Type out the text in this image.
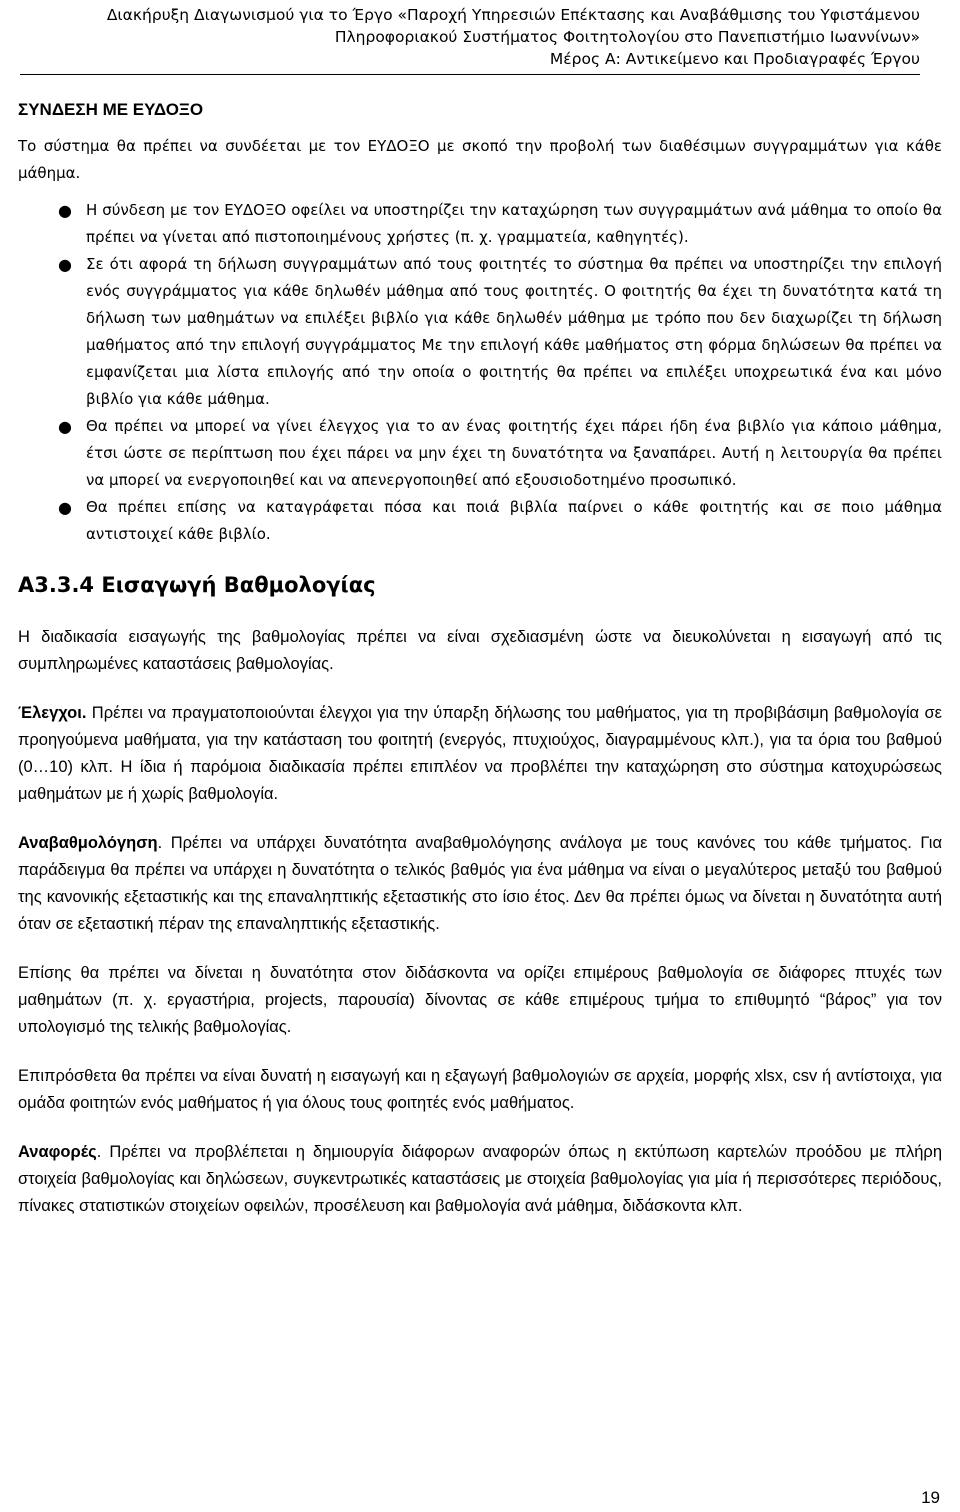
Διακήρυξη Διαγωνισμού για το Έργο «Παροχή Υπηρεσιών Επέκτασης και Αναβάθμισης του Υφιστάμενου
Πληροφοριακού Συστήματος Φοιτητολογίου στο Πανεπιστήμιο Ιωαννίνων»
Μέρος Α: Αντικείμενο και Προδιαγραφές Έργου

ΣΥΝΔΕΣΗ ΜΕ ΕΥΔΟΞΟ

Το σύστημα θα πρέπει να συνδέεται με τον ΕΥΔΟΞΟ με σκοπό την προβολή των διαθέσιμων συγγραμμάτων για κάθε μάθημα.

● Η σύνδεση με τον ΕΥΔΟΞΟ οφείλει να υποστηρίζει την καταχώρηση των συγγραμμάτων ανά μάθημα το οποίο θα πρέπει να γίνεται από πιστοποιημένους χρήστες (π. χ. γραμματεία, καθηγητές).
● Σε ότι αφορά τη δήλωση συγγραμμάτων από τους φοιτητές το σύστημα θα πρέπει να υποστηρίζει την επιλογή ενός συγγράμματος για κάθε δηλωθέν μάθημα από τους φοιτητές. Ο φοιτητής θα έχει τη δυνατότητα κατά τη δήλωση των μαθημάτων να επιλέξει βιβλίο για κάθε δηλωθέν μάθημα με τρόπο που δεν διαχωρίζει τη δήλωση μαθήματος από την επιλογή συγγράμματος Με την επιλογή κάθε μαθήματος στη φόρμα δηλώσεων θα πρέπει να εμφανίζεται μια λίστα επιλογής από την οποία ο φοιτητής θα πρέπει να επιλέξει υποχρεωτικά ένα και μόνο βιβλίο για κάθε μάθημα.
● Θα πρέπει να μπορεί να γίνει έλεγχος για το αν ένας φοιτητής έχει πάρει ήδη ένα βιβλίο για κάποιο μάθημα, έτσι ώστε σε περίπτωση που έχει πάρει να μην έχει τη δυνατότητα να ξαναπάρει. Αυτή η λειτουργία θα πρέπει να μπορεί να ενεργοποιηθεί και να απενεργοποιηθεί από εξουσιοδοτημένο προσωπικό.
● Θα πρέπει επίσης να καταγράφεται πόσα και ποιά βιβλία παίρνει ο κάθε φοιτητής και σε ποιο μάθημα αντιστοιχεί κάθε βιβλίο.

Α3.3.4 Εισαγωγή Βαθμολογίας

Η διαδικασία εισαγωγής της βαθμολογίας πρέπει να είναι σχεδιασμένη ώστε να διευκολύνεται η εισαγωγή από τις συμπληρωμένες καταστάσεις βαθμολογίας.

Έλεγχοι. Πρέπει να πραγματοποιούνται έλεγχοι για την ύπαρξη δήλωσης του μαθήματος, για τη προβιβάσιμη βαθμολογία σε προηγούμενα μαθήματα, για την κατάσταση του φοιτητή (ενεργός, πτυχιούχος, διαγραμμένους κλπ.), για τα όρια του βαθμού (0…10) κλπ. Η ίδια ή παρόμοια διαδικασία πρέπει επιπλέον να προβλέπει την καταχώρηση στο σύστημα κατοχυρώσεως μαθημάτων με ή χωρίς βαθμολογία.

Αναβαθμολόγηση. Πρέπει να υπάρχει δυνατότητα αναβαθμολόγησης ανάλογα με τους κανόνες του κάθε τμήματος. Για παράδειγμα θα πρέπει να υπάρχει η δυνατότητα ο τελικός βαθμός για ένα μάθημα να είναι ο μεγαλύτερος μεταξύ του βαθμού της κανονικής εξεταστικής και της επαναληπτικής εξεταστικής στο ίσιο έτος. Δεν θα πρέπει όμως να δίνεται η δυνατότητα αυτή όταν σε εξεταστική πέραν της επαναληπτικής εξεταστικής.

Επίσης θα πρέπει να δίνεται η δυνατότητα στον διδάσκοντα να ορίζει επιμέρους βαθμολογία σε διάφορες πτυχές των μαθημάτων (π. χ. εργαστήρια, projects, παρουσία) δίνοντας σε κάθε επιμέρους τμήμα το επιθυμητό “βάρος” για τον υπολογισμό της τελικής βαθμολογίας.

Επιπρόσθετα θα πρέπει να είναι δυνατή η εισαγωγή και η εξαγωγή βαθμολογιών σε αρχεία, μορφής xlsx, csv ή αντίστοιχα, για ομάδα φοιτητών ενός μαθήματος ή για όλους τους φοιτητές ενός μαθήματος.

Αναφορές. Πρέπει να προβλέπεται η δημιουργία διάφορων αναφορών όπως η εκτύπωση καρτελών προόδου με πλήρη στοιχεία βαθμολογίας και δηλώσεων, συγκεντρωτικές καταστάσεις με στοιχεία βαθμολογίας για μία ή περισσότερες περιόδους, πίνακες στατιστικών στοιχείων οφειλών, προσέλευση και βαθμολογία ανά μάθημα, διδάσκοντα κλπ.

19
